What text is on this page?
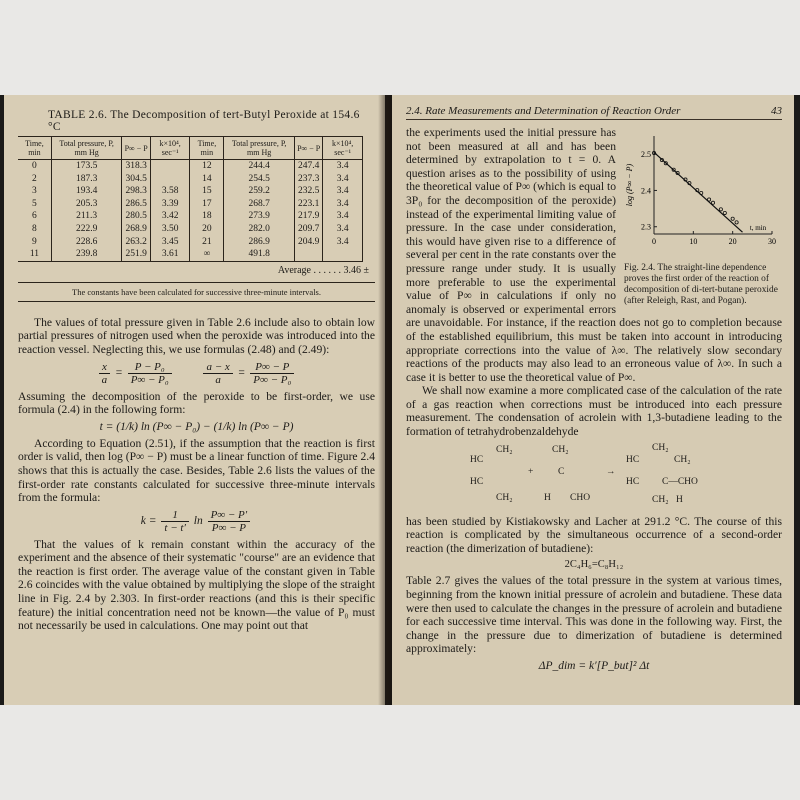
TABLE 2.6. The Decomposition of tert-Butyl Peroxide at 154.6 °C
Time, min	Total pressure, P, mm Hg	P∞ − P	k×10⁴, sec⁻¹	Time, min	Total pressure, P, mm Hg	P∞ − P	k×10⁴, sec⁻¹
0	173.5	318.3		12	244.4	247.4	3.4
2	187.3	304.5		14	254.5	237.3	3.4
3	193.4	298.3	3.58	15	259.2	232.5	3.4
5	205.3	286.5	3.39	17	268.7	223.1	3.4
6	211.3	280.5	3.42	18	273.9	217.9	3.4
8	222.9	268.9	3.50	20	282.0	209.7	3.4
9	228.6	263.2	3.45	21	286.9	204.9	3.4
11	239.8	251.9	3.61	∞	491.8		
Average . . . . . . 3.46 ±
The constants have been calculated for successive three-minute intervals.

The values of total pressure given in Table 2.6 include also to obtain low partial pressures of nitrogen used when the peroxide was introduced into the reaction vessel. Neglecting this, we use formulas (2.48) and (2.49):

$\frac{x}{a} = \frac{\text{P − P₀}}{\text{P∞ − P₀}}$
	$\frac{a - x}{a} = \frac{P\infty - P}{\text{P∞ − P₀}}$

Assuming the decomposition of the peroxide to be first-order, we use formula (2.4) in the following form:

t = (1/k) ln (P∞ − P₀) − (1/k) ln (P∞ − P)

According to Equation (2.51), if the assumption that the reaction is first order is valid, then log (P∞ − P) must be a linear function of time. Figure 2.4 shows that this is actually the case. Besides, Table 2.6 lists the values of the first-order rate constants calculated for successive three-minute intervals from the formula:

$k = \frac{1}{t - t'}$ $\ln \frac{P\infty - P'}{P\infty - P}$

That the values of k remain constant within the accuracy of the experiment and the absence of their systematic "course" are an evidence that the reaction is first order. The average value of the constant given in Table 2.6 coincides with the value obtained by multiplying the slope of the straight line in Fig. 2.4 by 2.303. In first-order reactions (and this is their specific feature) the initial concentration need not be known—the value of P₀ must not necessarily be used in calculations. One may point out that

2.4. Rate Measurements and Determination of Reaction Order	43
2.5
2.4
2.3
0	10	20	30
log (P∞ − P)
t, min
Fig. 2.4. The straight-line dependence proves the first order of the reaction of decomposition of di-tert-butane peroxide (after Releigh, Rast, and Pogan).

the experiments used the initial pressure has not been measured at all and has been determined by extrapolation to t = 0. A question arises as to the possibility of using the theoretical value of P∞ (which is equal to 3P₀ for the decomposition of the peroxide) instead of the experimental limiting value of pressure. In the case under consideration, this would have given rise to a difference of several per cent in the rate constants over the pressure range under study. It is usually more preferable to use the experimental value of P∞ in calculations if only no anomaly is observed or experimental errors are unavoidable. For instance, if the reaction does not go to completion because of the established equilibrium, this must be taken into account in introducing appropriate corrections into the value of λ∞. The relatively slow secondary reactions of the products may also lead to an erroneous value of λ∞. In such a case it is better to use the theoretical value of P∞.

We shall now examine a more complicated case of the calculation of the rate of a gas reaction when corrections must be introduced into each pressure measurement. The condensation of acrolein with 1,3-butadiene leading to the formation of tetrahydrobenzaldehyde

CH₂
HC
HC
CH₂
+
CH₂
C
H CHO
→
CH₂
HC	CH₂
HC C—CHO
CH₂ H

has been studied by Kistiakowsky and Lacher at 291.2 °C. The course of this reaction is complicated by the simultaneous occurrence of a second-order reaction (the dimerization of butadiene):

2C₄H₆=C₈H₁₂

Table 2.7 gives the values of the total pressure in the system at various times, beginning from the known initial pressure of acrolein and butadiene. These data were then used to calculate the changes in the pressure of acrolein and butadiene for each successive time interval. This was done in the following way. First, the change in the pressure due to dimerization of butadiene is determined approximately:

ΔP_dim = k′[P_but]² Δt
